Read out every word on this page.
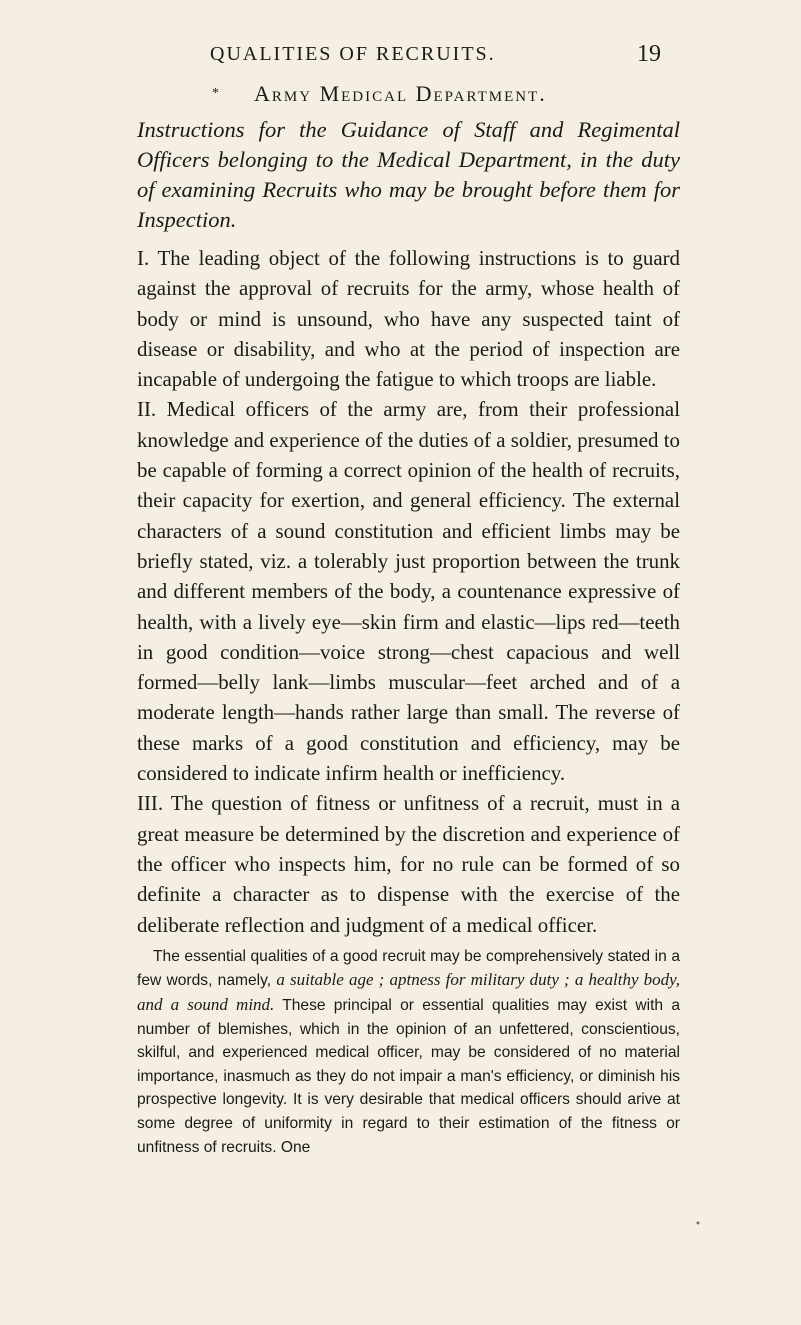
QUALITIES OF RECRUITS.	19
* Army Medical Department.

Instructions for the Guidance of Staff and Regimental Officers belonging to the Medical Department, in the duty of examining Recruits who may be brought before them for Inspection.

I. The leading object of the following instructions is to guard against the approval of recruits for the army, whose health of body or mind is unsound, who have any suspected taint of disease or disability, and who at the period of inspection are incapable of undergoing the fatigue to which troops are liable.

II. Medical officers of the army are, from their professional knowledge and experience of the duties of a soldier, presumed to be capable of forming a correct opinion of the health of recruits, their capacity for exertion, and general efficiency. The external characters of a sound constitution and efficient limbs may be briefly stated, viz. a tolerably just proportion between the trunk and different members of the body, a countenance expressive of health, with a lively eye—skin firm and elastic—lips red—teeth in good condition—voice strong—chest capacious and well formed—belly lank—limbs muscular—feet arched and of a moderate length—hands rather large than small. The reverse of these marks of a good constitution and efficiency, may be considered to indicate infirm health or inefficiency.

III. The question of fitness or unfitness of a recruit, must in a great measure be determined by the discretion and experience of the officer who inspects him, for no rule can be formed of so definite a character as to dispense with the exercise of the deliberate reflection and judgment of a medical officer.

The essential qualities of a good recruit may be comprehensively stated in a few words, namely, a suitable age ; aptness for military duty ; a healthy body, and a sound mind. These principal or essential qualities may exist with a number of blemishes, which in the opinion of an unfettered, conscientious, skilful, and experienced medical officer, may be considered of no material importance, inasmuch as they do not impair a man's efficiency, or diminish his prospective longevity. It is very desirable that medical officers should arive at some degree of uniformity in regard to their estimation of the fitness or unfitness of recruits. One

•
